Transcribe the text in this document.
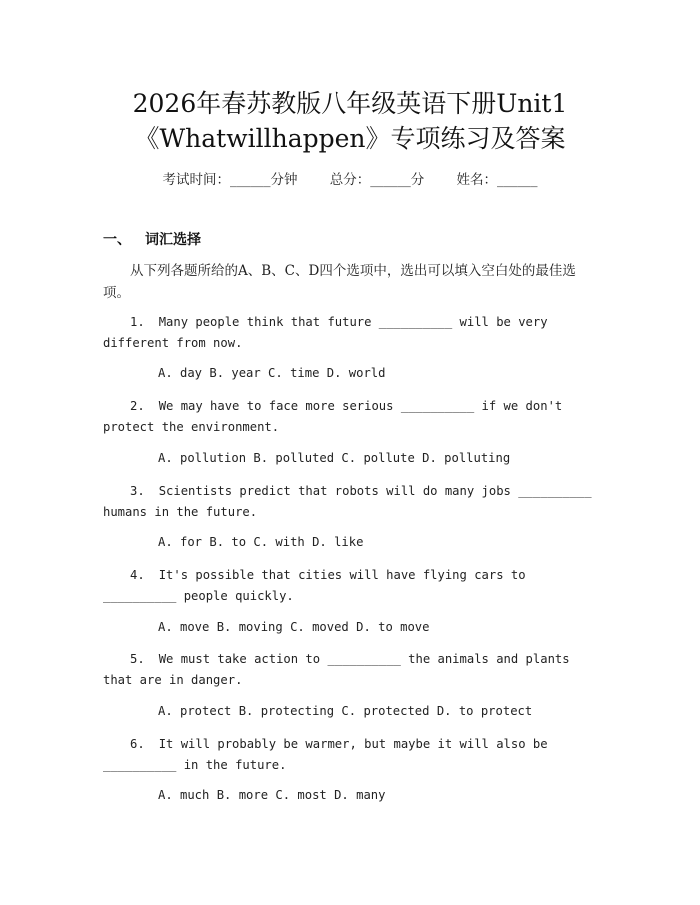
2026年春苏教版八年级英语下册Unit1
《Whatwillhappen》专项练习及答案
考试时间：______分钟 总分：______分 姓名：______
一、 词汇选择
从下列各题所给的A、B、C、D四个选项中，选出可以填入空白处的最佳选项。
1. Many people think that future __________ will be very different from now.
A. day B. year C. time D. world
2. We may have to face more serious __________ if we don't protect the environment.
A. pollution B. polluted C. pollute D. polluting
3. Scientists predict that robots will do many jobs __________ humans in the future.
A. for B. to C. with D. like
4. It's possible that cities will have flying cars to __________ people quickly.
A. move B. moving C. moved D. to move
5. We must take action to __________ the animals and plants that are in danger.
A. protect B. protecting C. protected D. to protect
6. It will probably be warmer, but maybe it will also be __________ in the future.
A. much B. more C. most D. many
